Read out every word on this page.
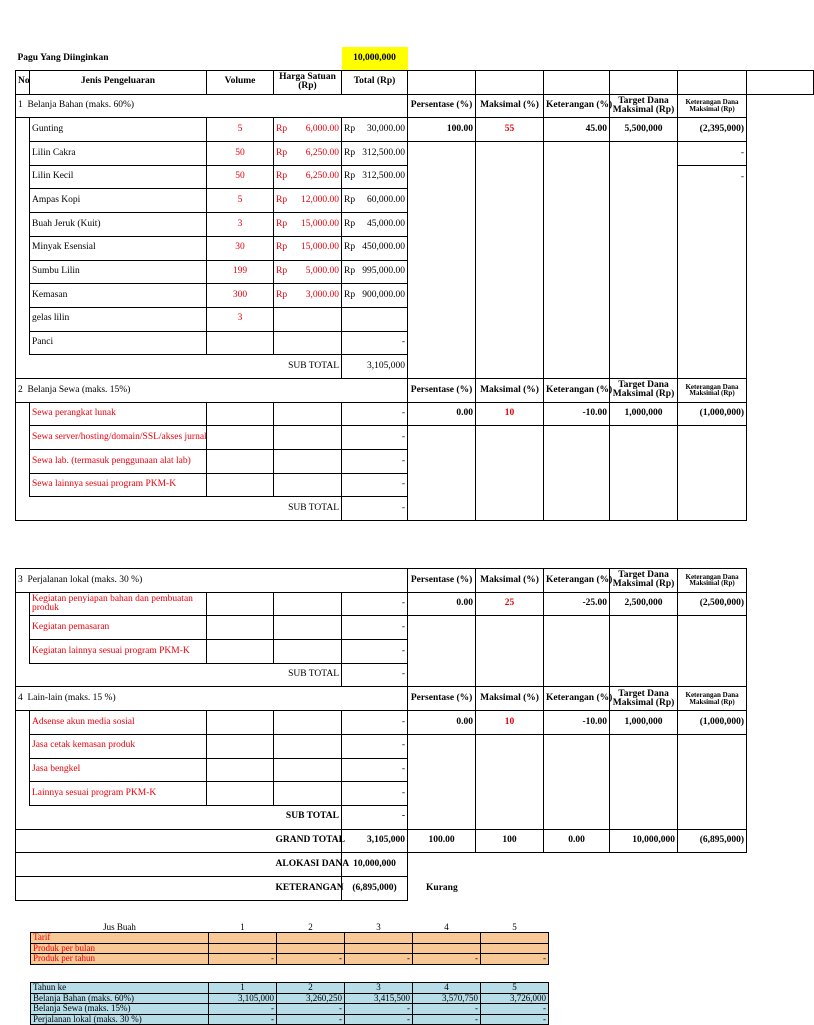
Pagu Yang Diinginkan				10,000,000						
No	Jenis Pengeluaran	Volume	Harga Satuan (Rp)	Total (Rp)						
1 Belanja Bahan (maks. 60%)					Persentase (%)	Maksimal (%)	Keterangan (%)	Target Dana Maksimal (Rp)	Keterangan Dana Maksimal (Rp)	
	Gunting	5	Rp 6,000.00	Rp 30,000.00	100.00	55	45.00	5,500,000	(2,395,000)	
	Lilin Cakra	50	Rp 6,250.00	Rp 312,500.00					-	
	Lilin Kecil	50	Rp 6,250.00	Rp 312,500.00					-	
	Ampas Kopi	5	Rp 12,000.00	Rp 60,000.00						
	Buah Jeruk (Kuit)	3	Rp 15,000.00	Rp 45,000.00						
	Minyak Esensial	30	Rp 15,000.00	Rp 450,000.00						
	Sumbu Lilin	199	Rp 5,000.00	Rp 995,000.00						
	Kemasan	300	Rp 3,000.00	Rp 900,000.00						
	gelas lilin	3								
	Panci			-						
			SUB TOTAL	3,105,000						
2 Belanja Sewa (maks. 15%)					Persentase (%)	Maksimal (%)	Keterangan (%)	Target Dana Maksimal (Rp)	Keterangan Dana Maksimal (Rp)	
	Sewa perangkat lunak			-	0.00	10	-10.00	1,000,000	(1,000,000)	
	Sewa server/hosting/domain/SSL/akses jurnal			-						
	Sewa lab. (termasuk penggunaan alat lab)			-						
	Sewa lainnya sesuai program PKM-K			-						
			SUB TOTAL	-						
3 Perjalanan lokal (maks. 30 %)					Persentase (%)	Maksimal (%)	Keterangan (%)	Target Dana Maksimal (Rp)	Keterangan Dana Maksimal (Rp)
	Kegiatan penyiapan bahan dan pembuatan produk			-	0.00	25	-25.00	2,500,000	(2,500,000)
	Kegiatan pemasaran			-					
	Kegiatan lainnya sesuai program PKM-K			-					
			SUB TOTAL	-					
4 Lain-lain (maks. 15 %)					Persentase (%)	Maksimal (%)	Keterangan (%)	Target Dana Maksimal (Rp)	Keterangan Dana Maksimal (Rp)
	Adsense akun media sosial			-	0.00	10	-10.00	1,000,000	(1,000,000)
	Jasa cetak kemasan produk			-					
	Jasa bengkel			-					
	Lainnya sesuai program PKM-K			-					
			SUB TOTAL	-					
			GRAND TOTAL	3,105,000	100.00	100	0.00	10,000,000	(6,895,000)
			ALOKASI DANA	10,000,000					
			KETERANGAN	(6,895,000)	Kurang				
Jus Buah	1	2	3	4	5
Tarif					
Produk per bulan					
Produk per tahun	-	-	-	-	-
Tahun ke	1	2	3	4	5
Belanja Bahan (maks. 60%)	3,105,000	3,260,250	3,415,500	3,570,750	3,726,000
Belanja Sewa (maks. 15%)	-	-	-	-	-
Perjalanan lokal (maks. 30 %)	-	-	-	-	-
